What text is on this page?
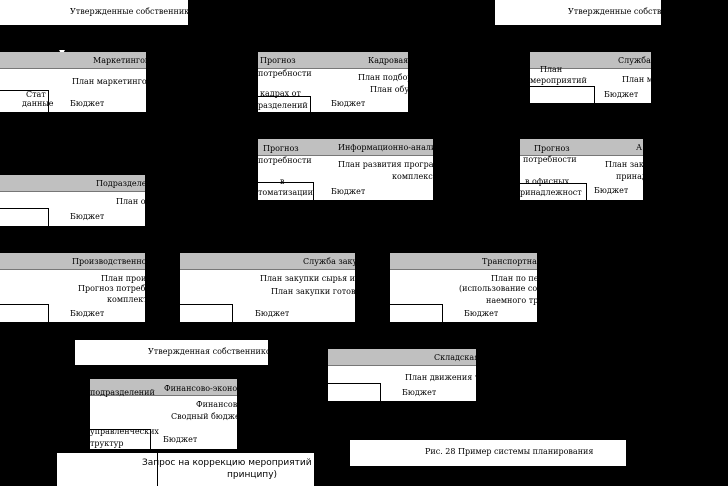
Утвержденные собственником о	Утвержденные собственн
Маркетингов
План маркетинговы
Стат
данные Бюджет
Кадровая
Прогноз
потребности
кадрах от
разделений
План подбор
План обу
Бюджет
Служба
План
мероприятий	План ме
Бюджет
Информационно-аналити
Прогноз
потребности
в
томатизации
План развития программ
комплекса
Бюджет
А
Прогноз
потребности
в офисных
ринадлежност
План заку
принад
Бюджет
Подразделен
План об
Бюджет
Производственное
План произ
Прогноз потребн
комплекту
Бюджет
Служба закуп
План закупки сырья и ко
План закупки готовой
Бюджет
Транспортна
План по пер
(использование со
наемного тра
Бюджет
Утвержденная собственником м
Складская
План движения тов
Бюджет
Финансово-экономи
подразделений
Финансов
Сводный бюджет
управленческих
труктур	Бюджет
Запрос на коррекцию мероприятий (по
принципу)
Рис. 28 Пример системы планирования
